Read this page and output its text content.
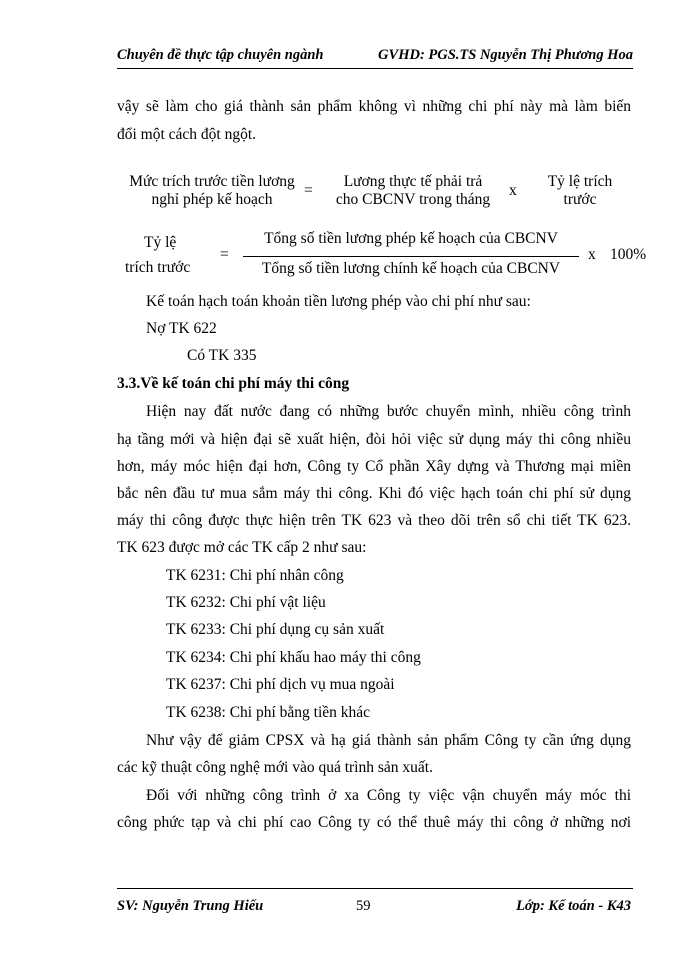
Chuyên đề thực tập chuyên ngành	GVHD: PGS.TS Nguyễn Thị Phương Hoa
vậy sẽ làm cho giá thành sản phẩm không vì những chi phí này mà làm biến
đổi một cách đột ngột.
Mức trích trước tiền lương
nghỉ phép kế hoạch
=
Lương thực tế phải trả
cho CBCNV trong tháng
x
Tỷ lệ trích
trước
Tỷ lệ
trích trước
=
Tổng số tiền lương phép kế hoạch của CBCNV
Tổng số tiền lương chính kế hoạch của CBCNV
x 100%
Kế toán hạch toán khoản tiền lương phép vào chi phí như sau:
Nợ TK 622
Có TK 335
3.3.Về kế toán chi phí máy thi công
Hiện nay đất nước đang có những bước chuyển mình, nhiều công trình
hạ tầng mới và hiện đại sẽ xuất hiện, đòi hỏi việc sử dụng máy thi công nhiều
hơn, máy móc hiện đại hơn, Công ty Cổ phần Xây dựng và Thương mại miền
bắc nên đầu tư mua sắm máy thi công. Khi đó việc hạch toán chi phí sử dụng
máy thi công được thực hiện trên TK 623 và theo dõi trên sổ chi tiết TK 623.
TK 623 được mở các TK cấp 2 như sau:
TK 6231: Chi phí nhân công
TK 6232: Chi phí vật liệu
TK 6233: Chi phí dụng cụ sản xuất
TK 6234: Chi phí khấu hao máy thi công
TK 6237: Chi phí dịch vụ mua ngoài
TK 6238: Chi phí bằng tiền khác
Như vậy để giảm CPSX và hạ giá thành sản phẩm Công ty cần ứng dụng
các kỹ thuật công nghệ mới vào quá trình sản xuất.
Đối với những công trình ở xa Công ty việc vận chuyển máy móc thi
công phức tạp và chi phí cao Công ty có thể thuê máy thi công ở những nơi
SV: Nguyễn Trung Hiếu	59	Lớp: Kế toán - K43
